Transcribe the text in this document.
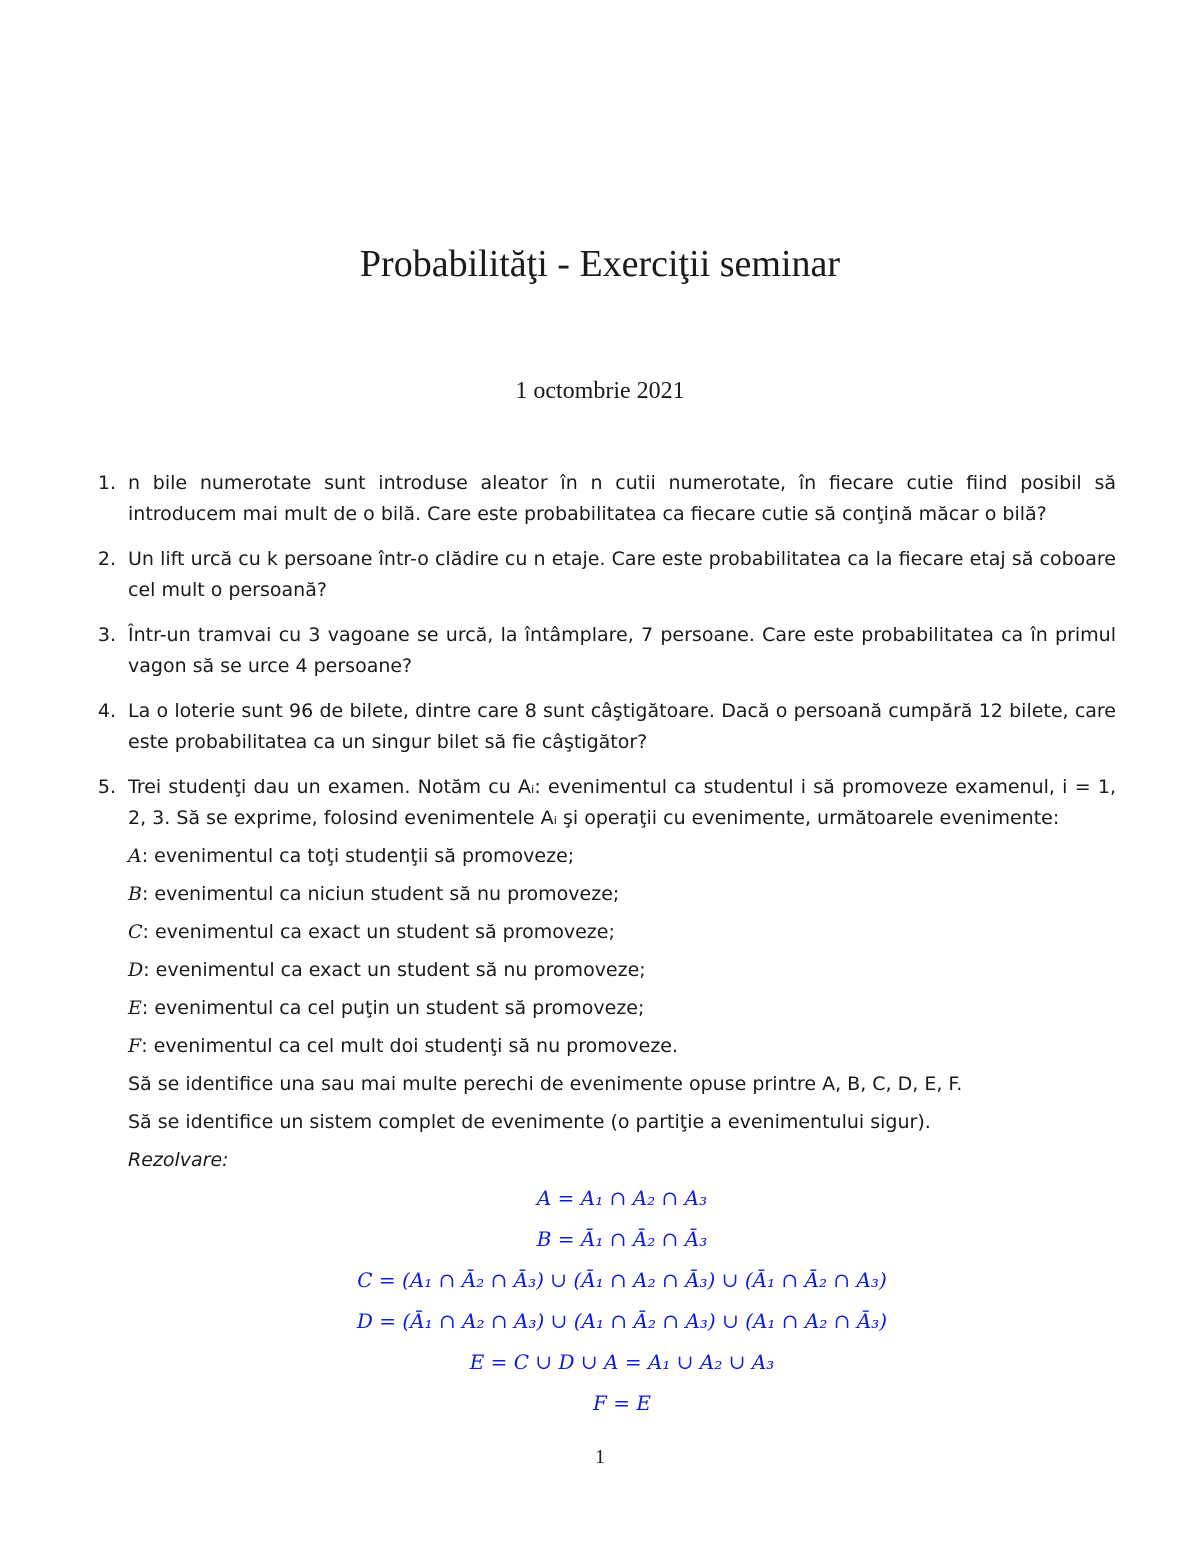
Probabilităţi - Exerciţii seminar
1 octombrie 2021
1. n bile numerotate sunt introduse aleator în n cutii numerotate, în fiecare cutie fiind posibil să introducem mai mult de o bilă. Care este probabilitatea ca fiecare cutie să conţină măcar o bilă?

2. Un lift urcă cu k persoane într-o clădire cu n etaje. Care este probabilitatea ca la fiecare etaj să coboare cel mult o persoană?

3. Într-un tramvai cu 3 vagoane se urcă, la întâmplare, 7 persoane. Care este probabilitatea ca în primul vagon să se urce 4 persoane?

4. La o loterie sunt 96 de bilete, dintre care 8 sunt câştigătoare. Dacă o persoană cumpără 12 bilete, care este probabilitatea ca un singur bilet să fie câştigător?

5. Trei studenţi dau un examen. Notăm cu Aᵢ: evenimentul ca studentul i să promoveze examenul, i = 1, 2, 3. Să se exprime, folosind evenimentele Aᵢ şi operaţii cu evenimente, următoarele evenimente:

A: evenimentul ca toţi studenţii să promoveze;

B: evenimentul ca niciun student să nu promoveze;

C: evenimentul ca exact un student să promoveze;

D: evenimentul ca exact un student să nu promoveze;

E: evenimentul ca cel puţin un student să promoveze;

F: evenimentul ca cel mult doi studenţi să nu promoveze.

Să se identifice una sau mai multe perechi de evenimente opuse printre A, B, C, D, E, F.

Să se identifice un sistem complet de evenimente (o partiţie a evenimentului sigur).

Rezolvare:
A = A₁ ∩ A₂ ∩ A₃
B = Ā₁ ∩ Ā₂ ∩ Ā₃
C = (A₁ ∩ Ā₂ ∩ Ā₃) ∪ (Ā₁ ∩ A₂ ∩ Ā₃) ∪ (Ā₁ ∩ Ā₂ ∩ A₃)
D = (Ā₁ ∩ A₂ ∩ A₃) ∪ (A₁ ∩ Ā₂ ∩ A₃) ∪ (A₁ ∩ A₂ ∩ Ā₃)
E = C ∪ D ∪ A = A₁ ∪ A₂ ∪ A₃
F = E
1
